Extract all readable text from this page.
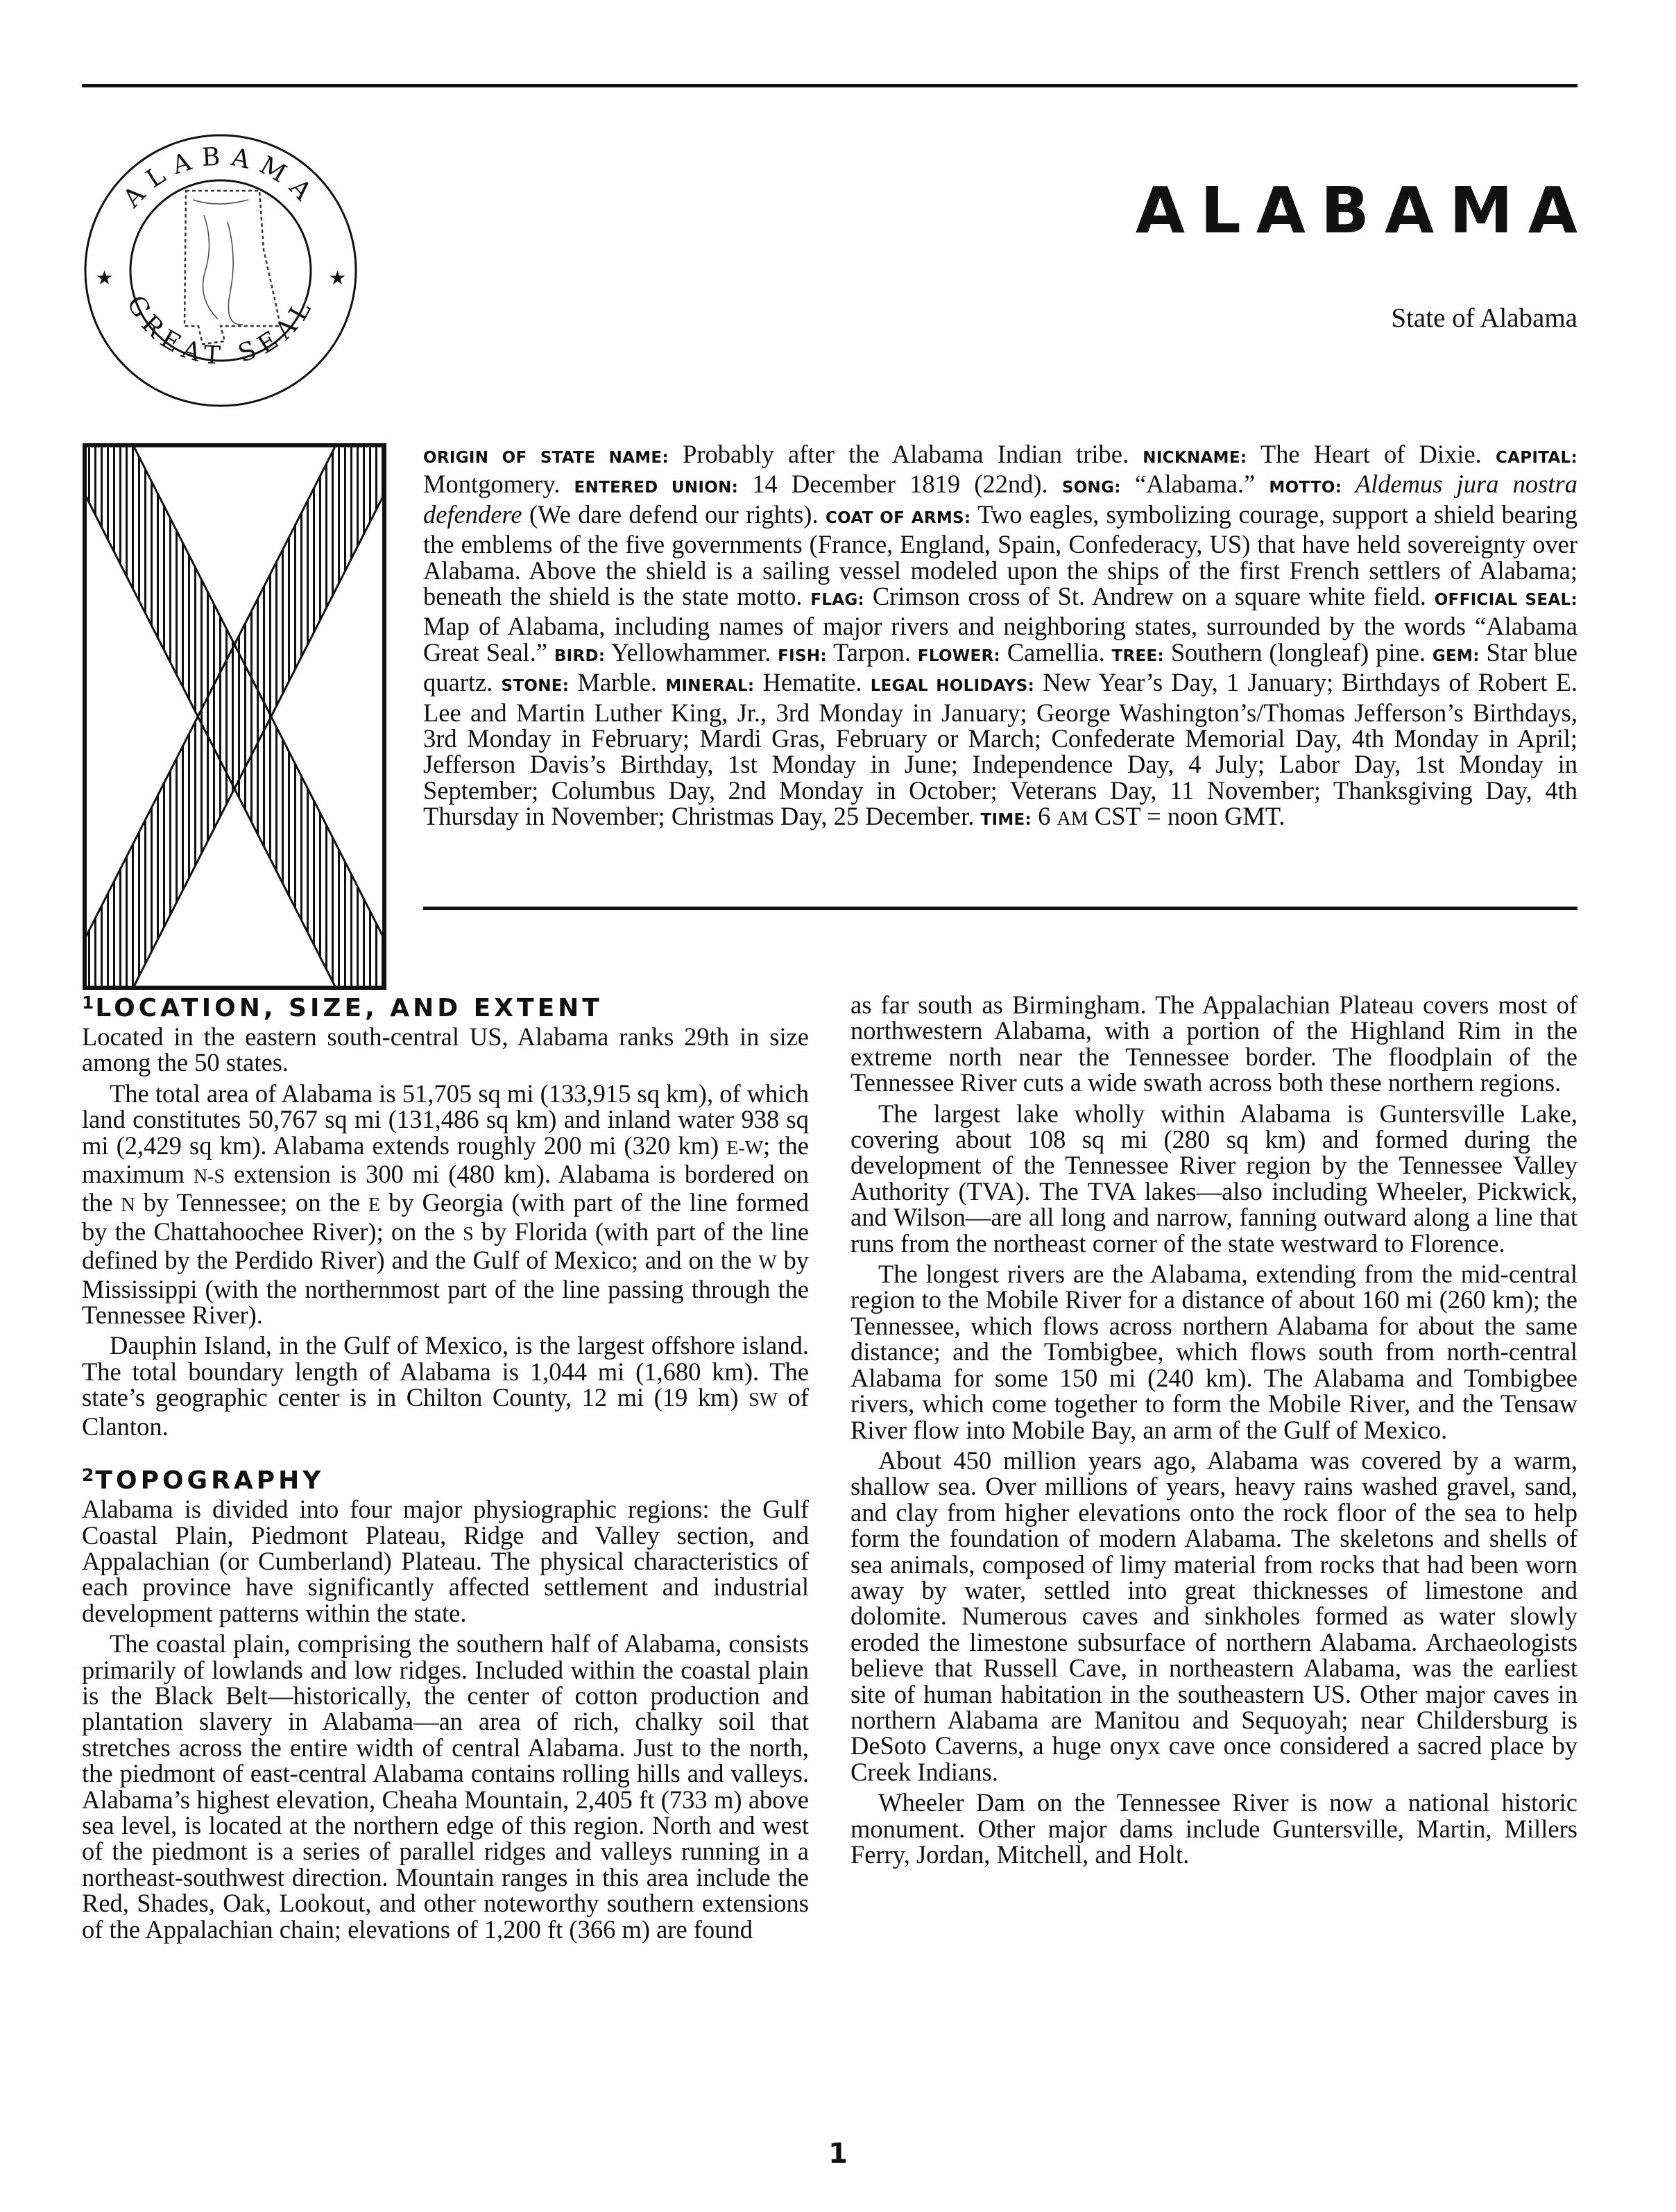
★	★
ALABAMA
GREAT SEAL
ALABAMA
State of Alabama

ORIGIN OF STATE NAME: Probably after the Alabama Indian tribe. NICKNAME: The Heart of Dixie. CAPITAL: Montgomery. ENTERED UNION: 14 December 1819 (22nd). SONG: “Alabama.” MOTTO: Aldemus jura nostra defendere (We dare defend our rights). COAT OF ARMS: Two eagles, symbolizing courage, support a shield bearing the emblems of the five governments (France, England, Spain, Confederacy, US) that have held sovereignty over Alabama. Above the shield is a sailing vessel modeled upon the ships of the first French settlers of Alabama; beneath the shield is the state motto. FLAG: Crimson cross of St. Andrew on a square white field. OFFICIAL SEAL: Map of Alabama, including names of major rivers and neighboring states, surrounded by the words “Alabama Great Seal.” BIRD: Yellowhammer. FISH: Tarpon. FLOWER: Camellia. TREE: Southern (longleaf) pine. GEM: Star blue quartz. STONE: Marble. MINERAL: Hematite. LEGAL HOLIDAYS: New Year’s Day, 1 January; Birthdays of Robert E. Lee and Martin Luther King, Jr., 3rd Monday in January; George Washington’s/Thomas Jefferson’s Birthdays, 3rd Monday in February; Mardi Gras, February or March; Confederate Memorial Day, 4th Monday in April; Jefferson Davis’s Birthday, 1st Monday in June; Independence Day, 4 July; Labor Day, 1st Monday in September; Columbus Day, 2nd Monday in October; Veterans Day, 11 November; Thanksgiving Day, 4th Thursday in November; Christmas Day, 25 December. TIME: 6 AM CST = noon GMT.

$^1$LOCATION, SIZE, AND EXTENT

Located in the eastern south-central US, Alabama ranks 29th in size among the 50 states.

The total area of Alabama is 51,705 sq mi (133,915 sq km), of which land constitutes 50,767 sq mi (131,486 sq km) and inland water 938 sq mi (2,429 sq km). Alabama extends roughly 200 mi (320 km) E-W; the maximum N-S extension is 300 mi (480 km). Alabama is bordered on the N by Tennessee; on the E by Georgia (with part of the line formed by the Chattahoochee River); on the S by Florida (with part of the line defined by the Perdido River) and the Gulf of Mexico; and on the W by Mississippi (with the northernmost part of the line passing through the Tennessee River).

Dauphin Island, in the Gulf of Mexico, is the largest offshore island. The total boundary length of Alabama is 1,044 mi (1,680 km). The state’s geographic center is in Chilton County, 12 mi (19 km) SW of Clanton.

$^2$TOPOGRAPHY

Alabama is divided into four major physiographic regions: the Gulf Coastal Plain, Piedmont Plateau, Ridge and Valley section, and Appalachian (or Cumberland) Plateau. The physical characteristics of each province have significantly affected settlement and industrial development patterns within the state.

The coastal plain, comprising the southern half of Alabama, consists primarily of lowlands and low ridges. Included within the coastal plain is the Black Belt—historically, the center of cotton production and plantation slavery in Alabama—an area of rich, chalky soil that stretches across the entire width of central Alabama. Just to the north, the piedmont of east-central Alabama contains rolling hills and valleys. Alabama’s highest elevation, Cheaha Mountain, 2,405 ft (733 m) above sea level, is located at the northern edge of this region. North and west of the piedmont is a series of parallel ridges and valleys running in a northeast-southwest direction. Mountain ranges in this area include the Red, Shades, Oak, Lookout, and other noteworthy southern extensions of the Appalachian chain; elevations of 1,200 ft (366 m) are found

as far south as Birmingham. The Appalachian Plateau covers most of northwestern Alabama, with a portion of the Highland Rim in the extreme north near the Tennessee border. The floodplain of the Tennessee River cuts a wide swath across both these northern regions.

The largest lake wholly within Alabama is Guntersville Lake, covering about 108 sq mi (280 sq km) and formed during the development of the Tennessee River region by the Tennessee Valley Authority (TVA). The TVA lakes—also including Wheeler, Pickwick, and Wilson—are all long and narrow, fanning outward along a line that runs from the northeast corner of the state westward to Florence.

The longest rivers are the Alabama, extending from the mid-central region to the Mobile River for a distance of about 160 mi (260 km); the Tennessee, which flows across northern Alabama for about the same distance; and the Tombigbee, which flows south from north-central Alabama for some 150 mi (240 km). The Alabama and Tombigbee rivers, which come together to form the Mobile River, and the Tensaw River flow into Mobile Bay, an arm of the Gulf of Mexico.

About 450 million years ago, Alabama was covered by a warm, shallow sea. Over millions of years, heavy rains washed gravel, sand, and clay from higher elevations onto the rock floor of the sea to help form the foundation of modern Alabama. The skeletons and shells of sea animals, composed of limy material from rocks that had been worn away by water, settled into great thicknesses of limestone and dolomite. Numerous caves and sinkholes formed as water slowly eroded the limestone subsurface of northern Alabama. Archaeologists believe that Russell Cave, in northeastern Alabama, was the earliest site of human habitation in the southeastern US. Other major caves in northern Alabama are Manitou and Sequoyah; near Childersburg is DeSoto Caverns, a huge onyx cave once considered a sacred place by Creek Indians.

Wheeler Dam on the Tennessee River is now a national historic monument. Other major dams include Guntersville, Martin, Millers Ferry, Jordan, Mitchell, and Holt.

1
